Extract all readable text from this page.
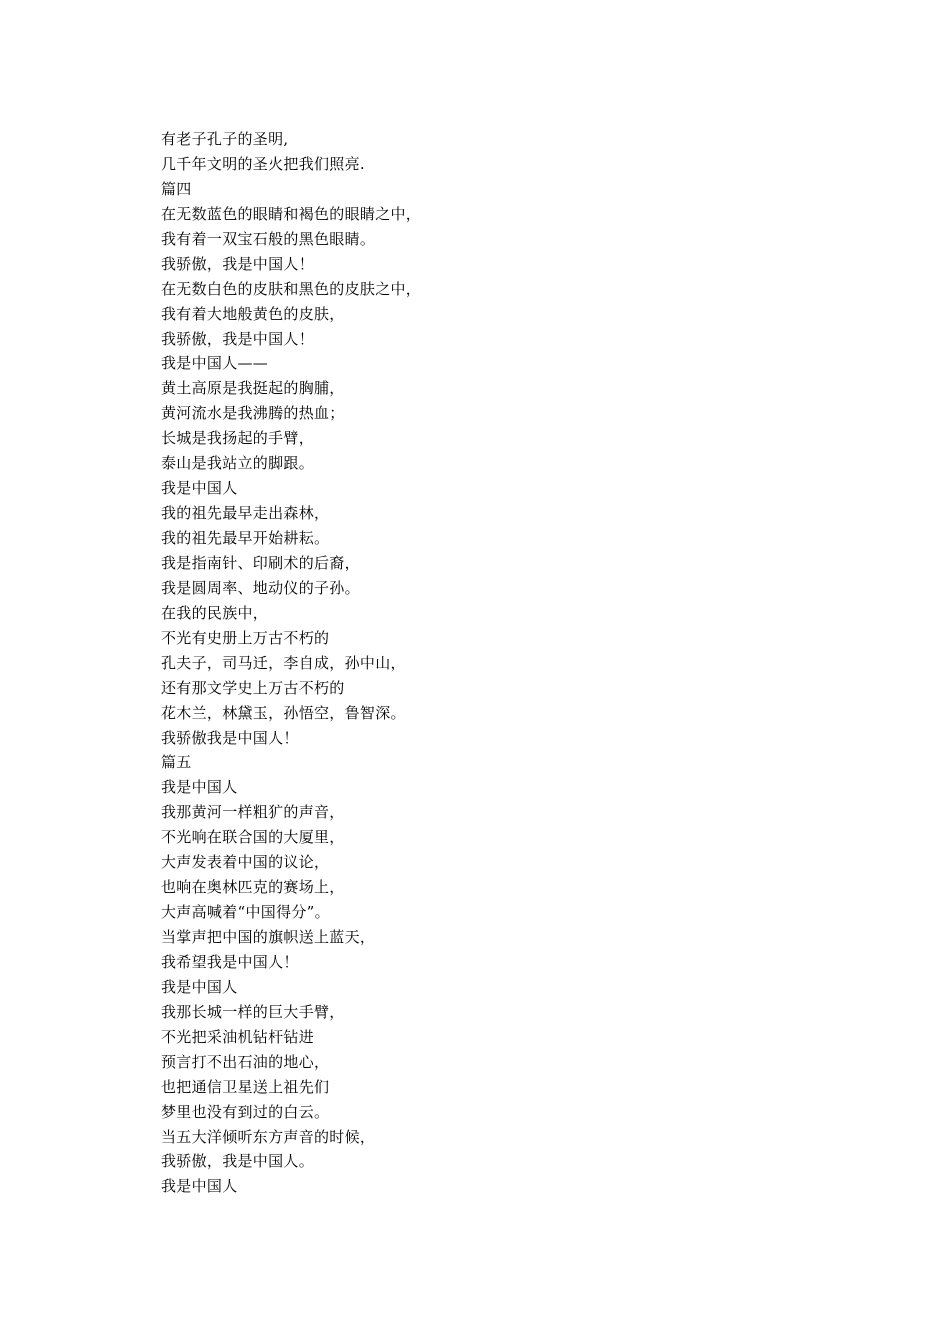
有老子孔子的圣明,
几千年文明的圣火把我们照亮.
篇四
在无数蓝色的眼睛和褐色的眼睛之中，
我有着一双宝石般的黑色眼睛。
我骄傲，我是中国人！
在无数白色的皮肤和黑色的皮肤之中，
我有着大地般黄色的皮肤，
我骄傲，我是中国人！
我是中国人——
黄土高原是我挺起的胸脯，
黄河流水是我沸腾的热血；
长城是我扬起的手臂，
泰山是我站立的脚跟。
我是中国人
我的祖先最早走出森林，
我的祖先最早开始耕耘。
我是指南针、印刷术的后裔，
我是圆周率、地动仪的子孙。
在我的民族中，
不光有史册上万古不朽的
孔夫子，司马迁，李自成，孙中山，
还有那文学史上万古不朽的
花木兰，林黛玉，孙悟空，鲁智深。
我骄傲我是中国人！
篇五
我是中国人
我那黄河一样粗犷的声音，
不光响在联合国的大厦里，
大声发表着中国的议论，
也响在奥林匹克的赛场上，
大声高喊着“中国得分”。
当掌声把中国的旗帜送上蓝天，
我希望我是中国人！
我是中国人
我那长城一样的巨大手臂，
不光把采油机钻杆钻进
预言打不出石油的地心，
也把通信卫星送上祖先们
梦里也没有到过的白云。
当五大洋倾听东方声音的时候，
我骄傲，我是中国人。
我是中国人
